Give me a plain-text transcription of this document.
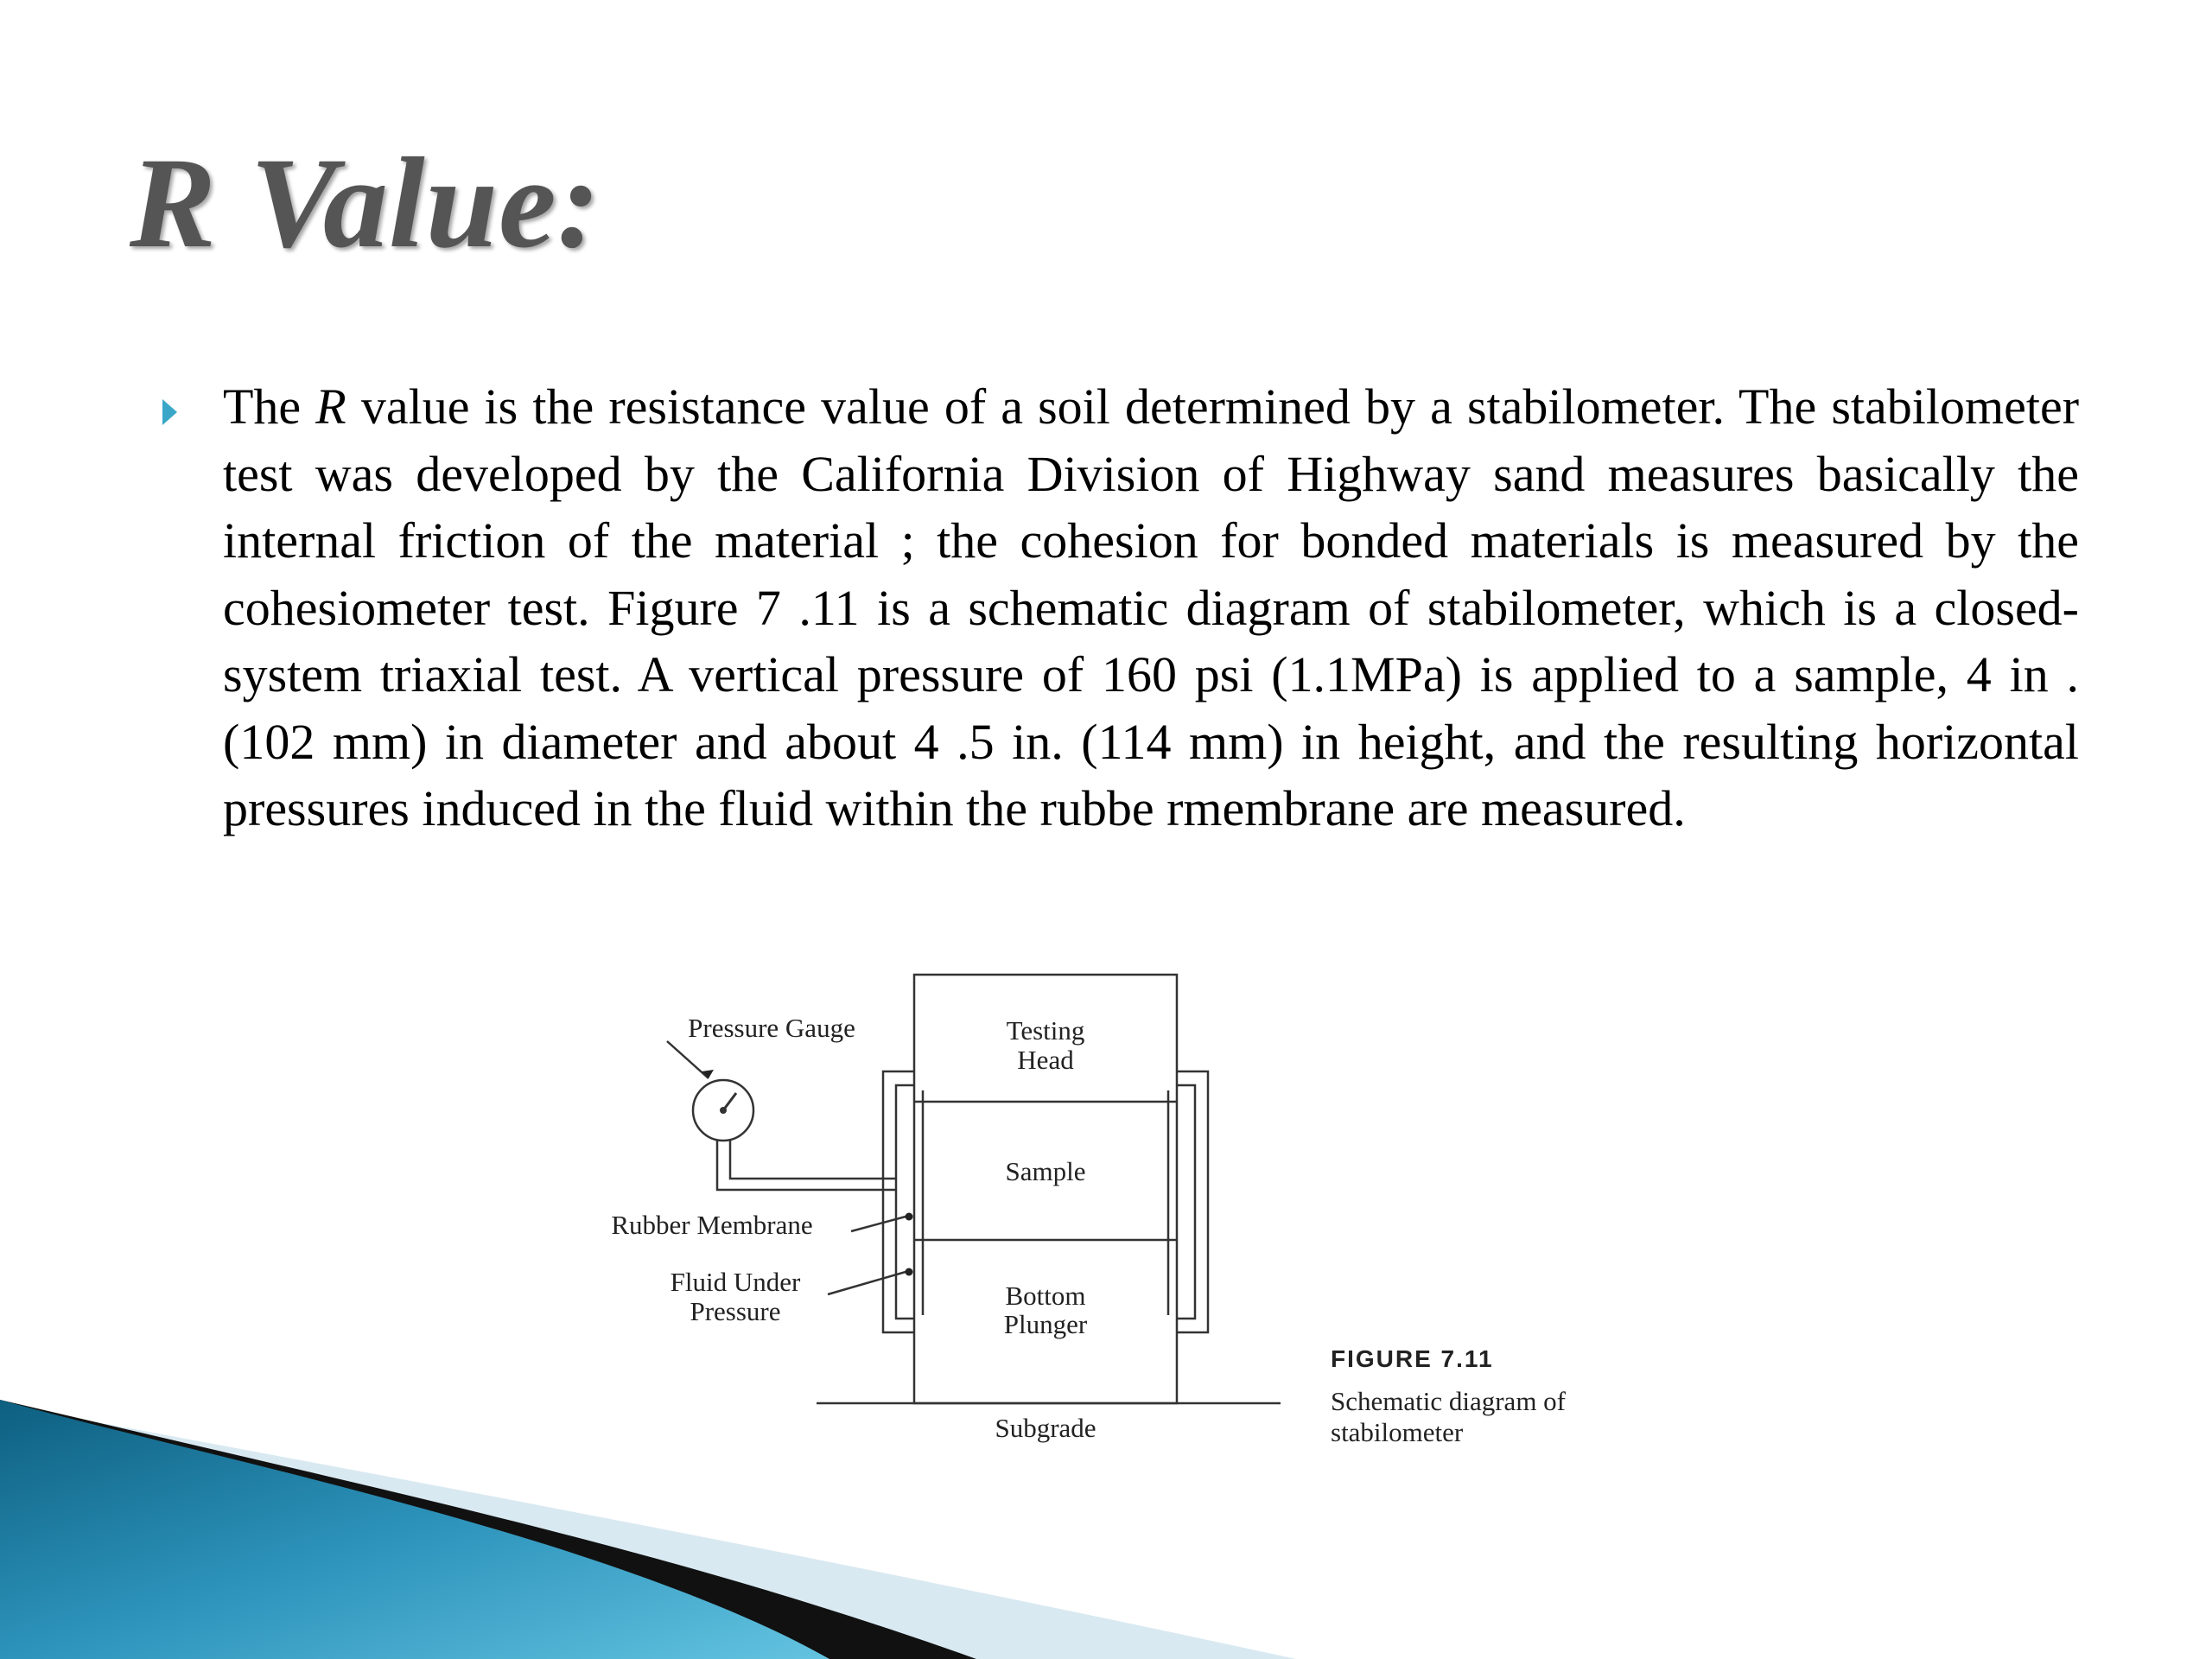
R Value:

The R value is the resistance value of a soil determined by a stabilometer. The stabilometer test was developed by the California Division of Highway sand measures basically the internal friction of the material ; the cohesion for bonded materials is measured by the cohesiometer test. Figure 7 .11 is a schematic diagram of stabilometer, which is a closed-system triaxial test. A vertical pressure of 160 psi (1.1MPa) is applied to a sample, 4 in . (102 mm) in diameter and about 4 .5 in. (114 mm) in height, and the resulting horizontal pressures induced in the fluid within the rubbe rmembrane are measured.

Pressure Gauge	Testing
Head
Sample
Rubber Membrane
Fluid Under
Pressure
Bottom
Plunger
Subgrade
FIGURE 7.11
Schematic diagram of
stabilometer
